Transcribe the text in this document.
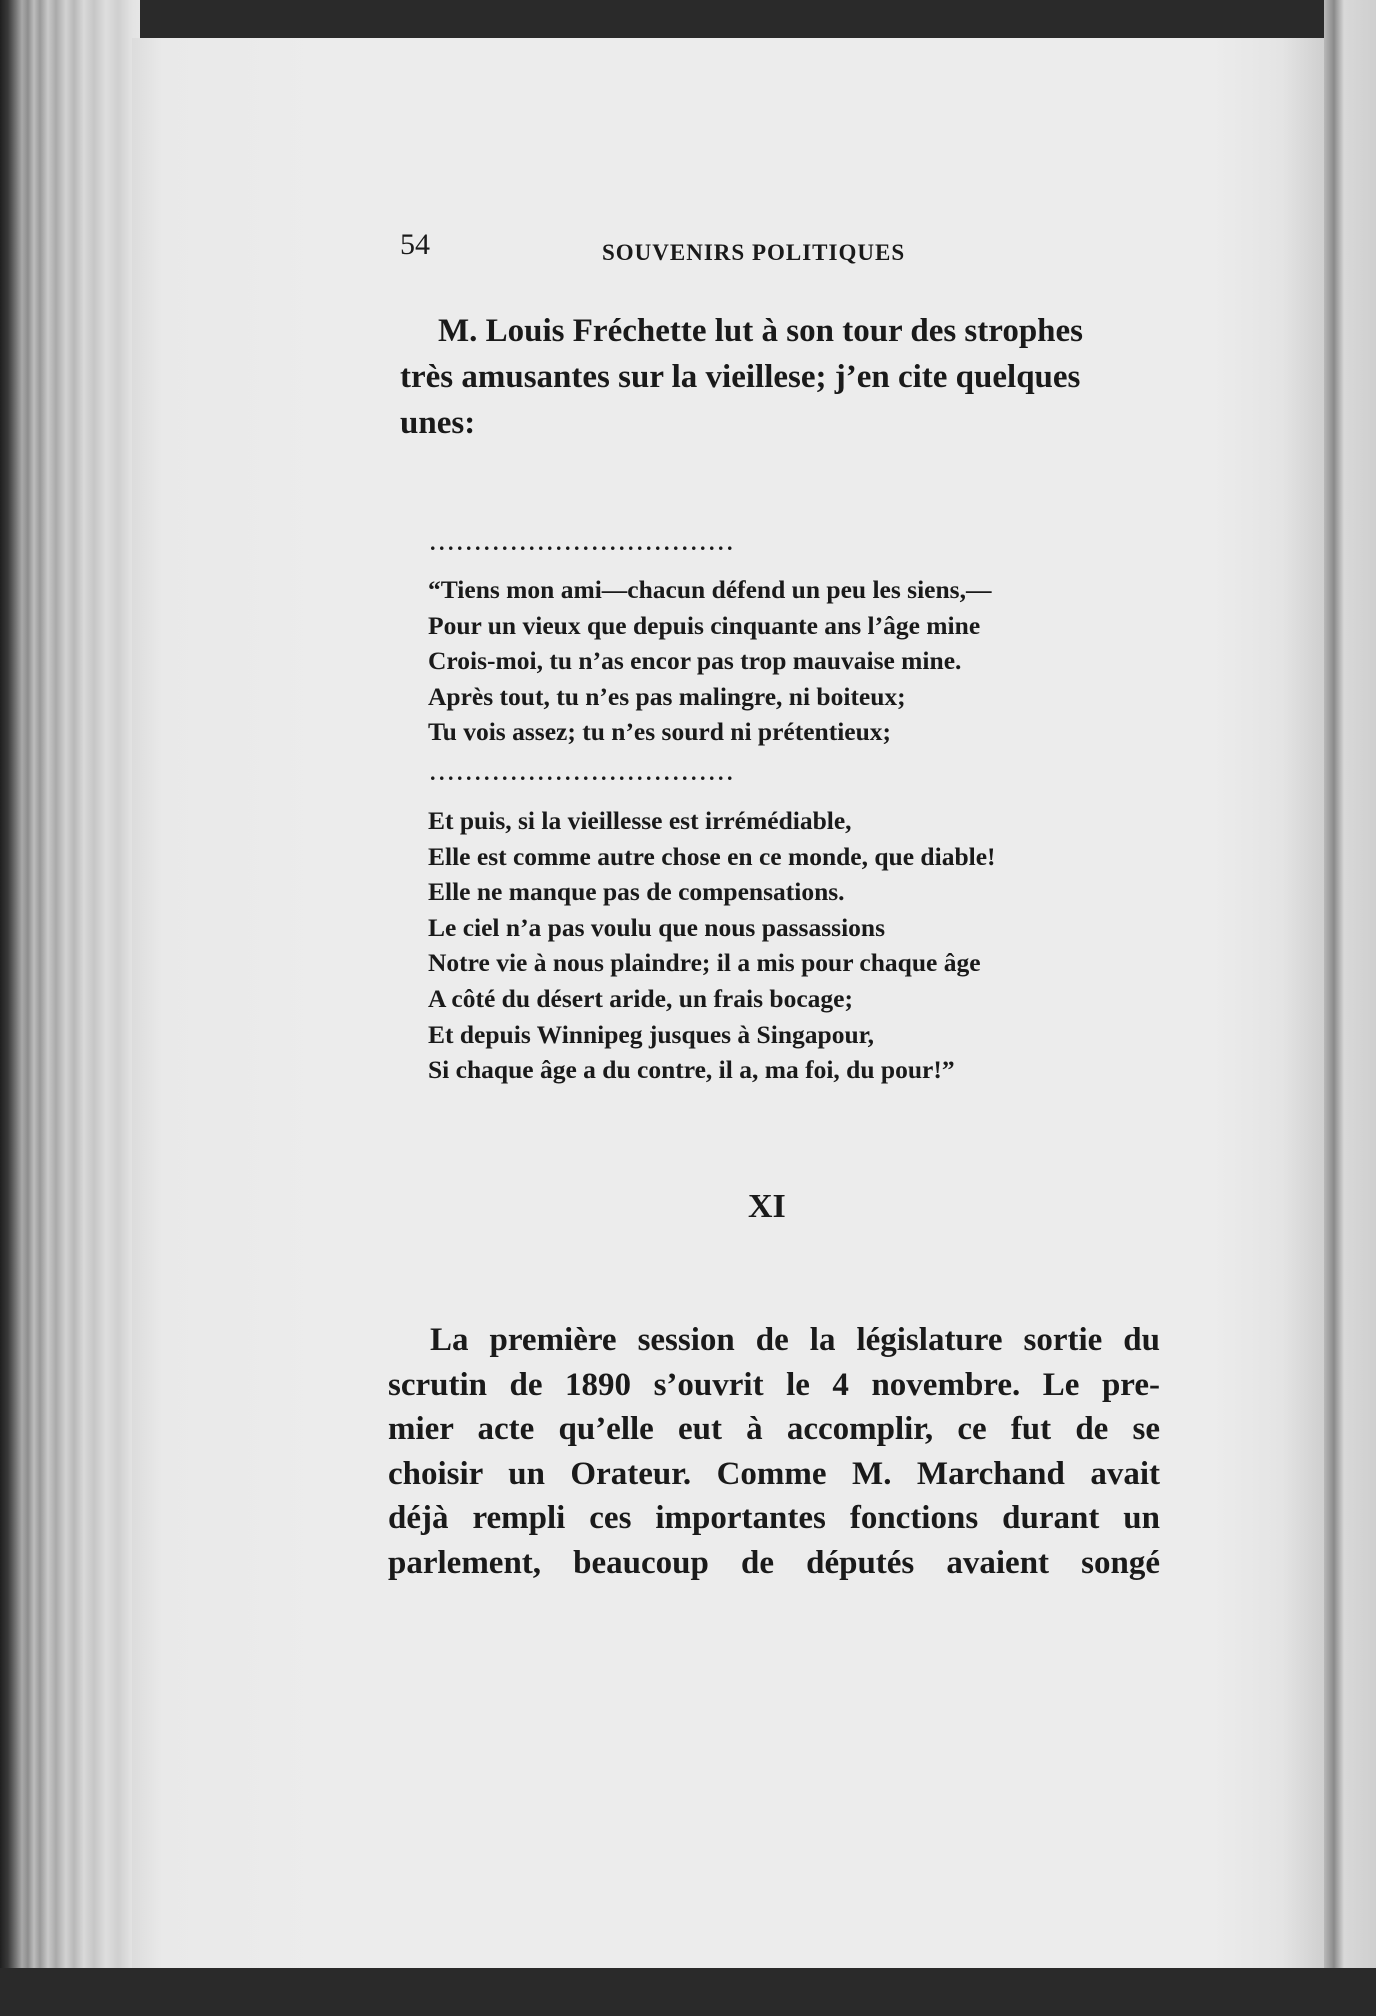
54	SOUVENIRS POLITIQUES
M. Louis Fréchette lut à son tour des strophes
très amusantes sur la vieillese; j’en cite quelques
unes:
..................................
“Tiens mon ami—chacun défend un peu les siens,—
Pour un vieux que depuis cinquante ans l’âge mine
Crois-moi, tu n’as encor pas trop mauvaise mine.
Après tout, tu n’es pas malingre, ni boiteux;
Tu vois assez; tu n’es sourd ni prétentieux;
..................................
Et puis, si la vieillesse est irrémédiable,
Elle est comme autre chose en ce monde, que diable!
Elle ne manque pas de compensations.
Le ciel n’a pas voulu que nous passassions
Notre vie à nous plaindre; il a mis pour chaque âge
A côté du désert aride, un frais bocage;
Et depuis Winnipeg jusques à Singapour,
Si chaque âge a du contre, il a, ma foi, du pour!”
XI
La première session de la législature sortie du
scrutin de 1890 s’ouvrit le 4 novembre. Le pre-
mier acte qu’elle eut à accomplir, ce fut de se
choisir un Orateur. Comme M. Marchand avait
déjà rempli ces importantes fonctions durant un
parlement, beaucoup de députés avaient songé
